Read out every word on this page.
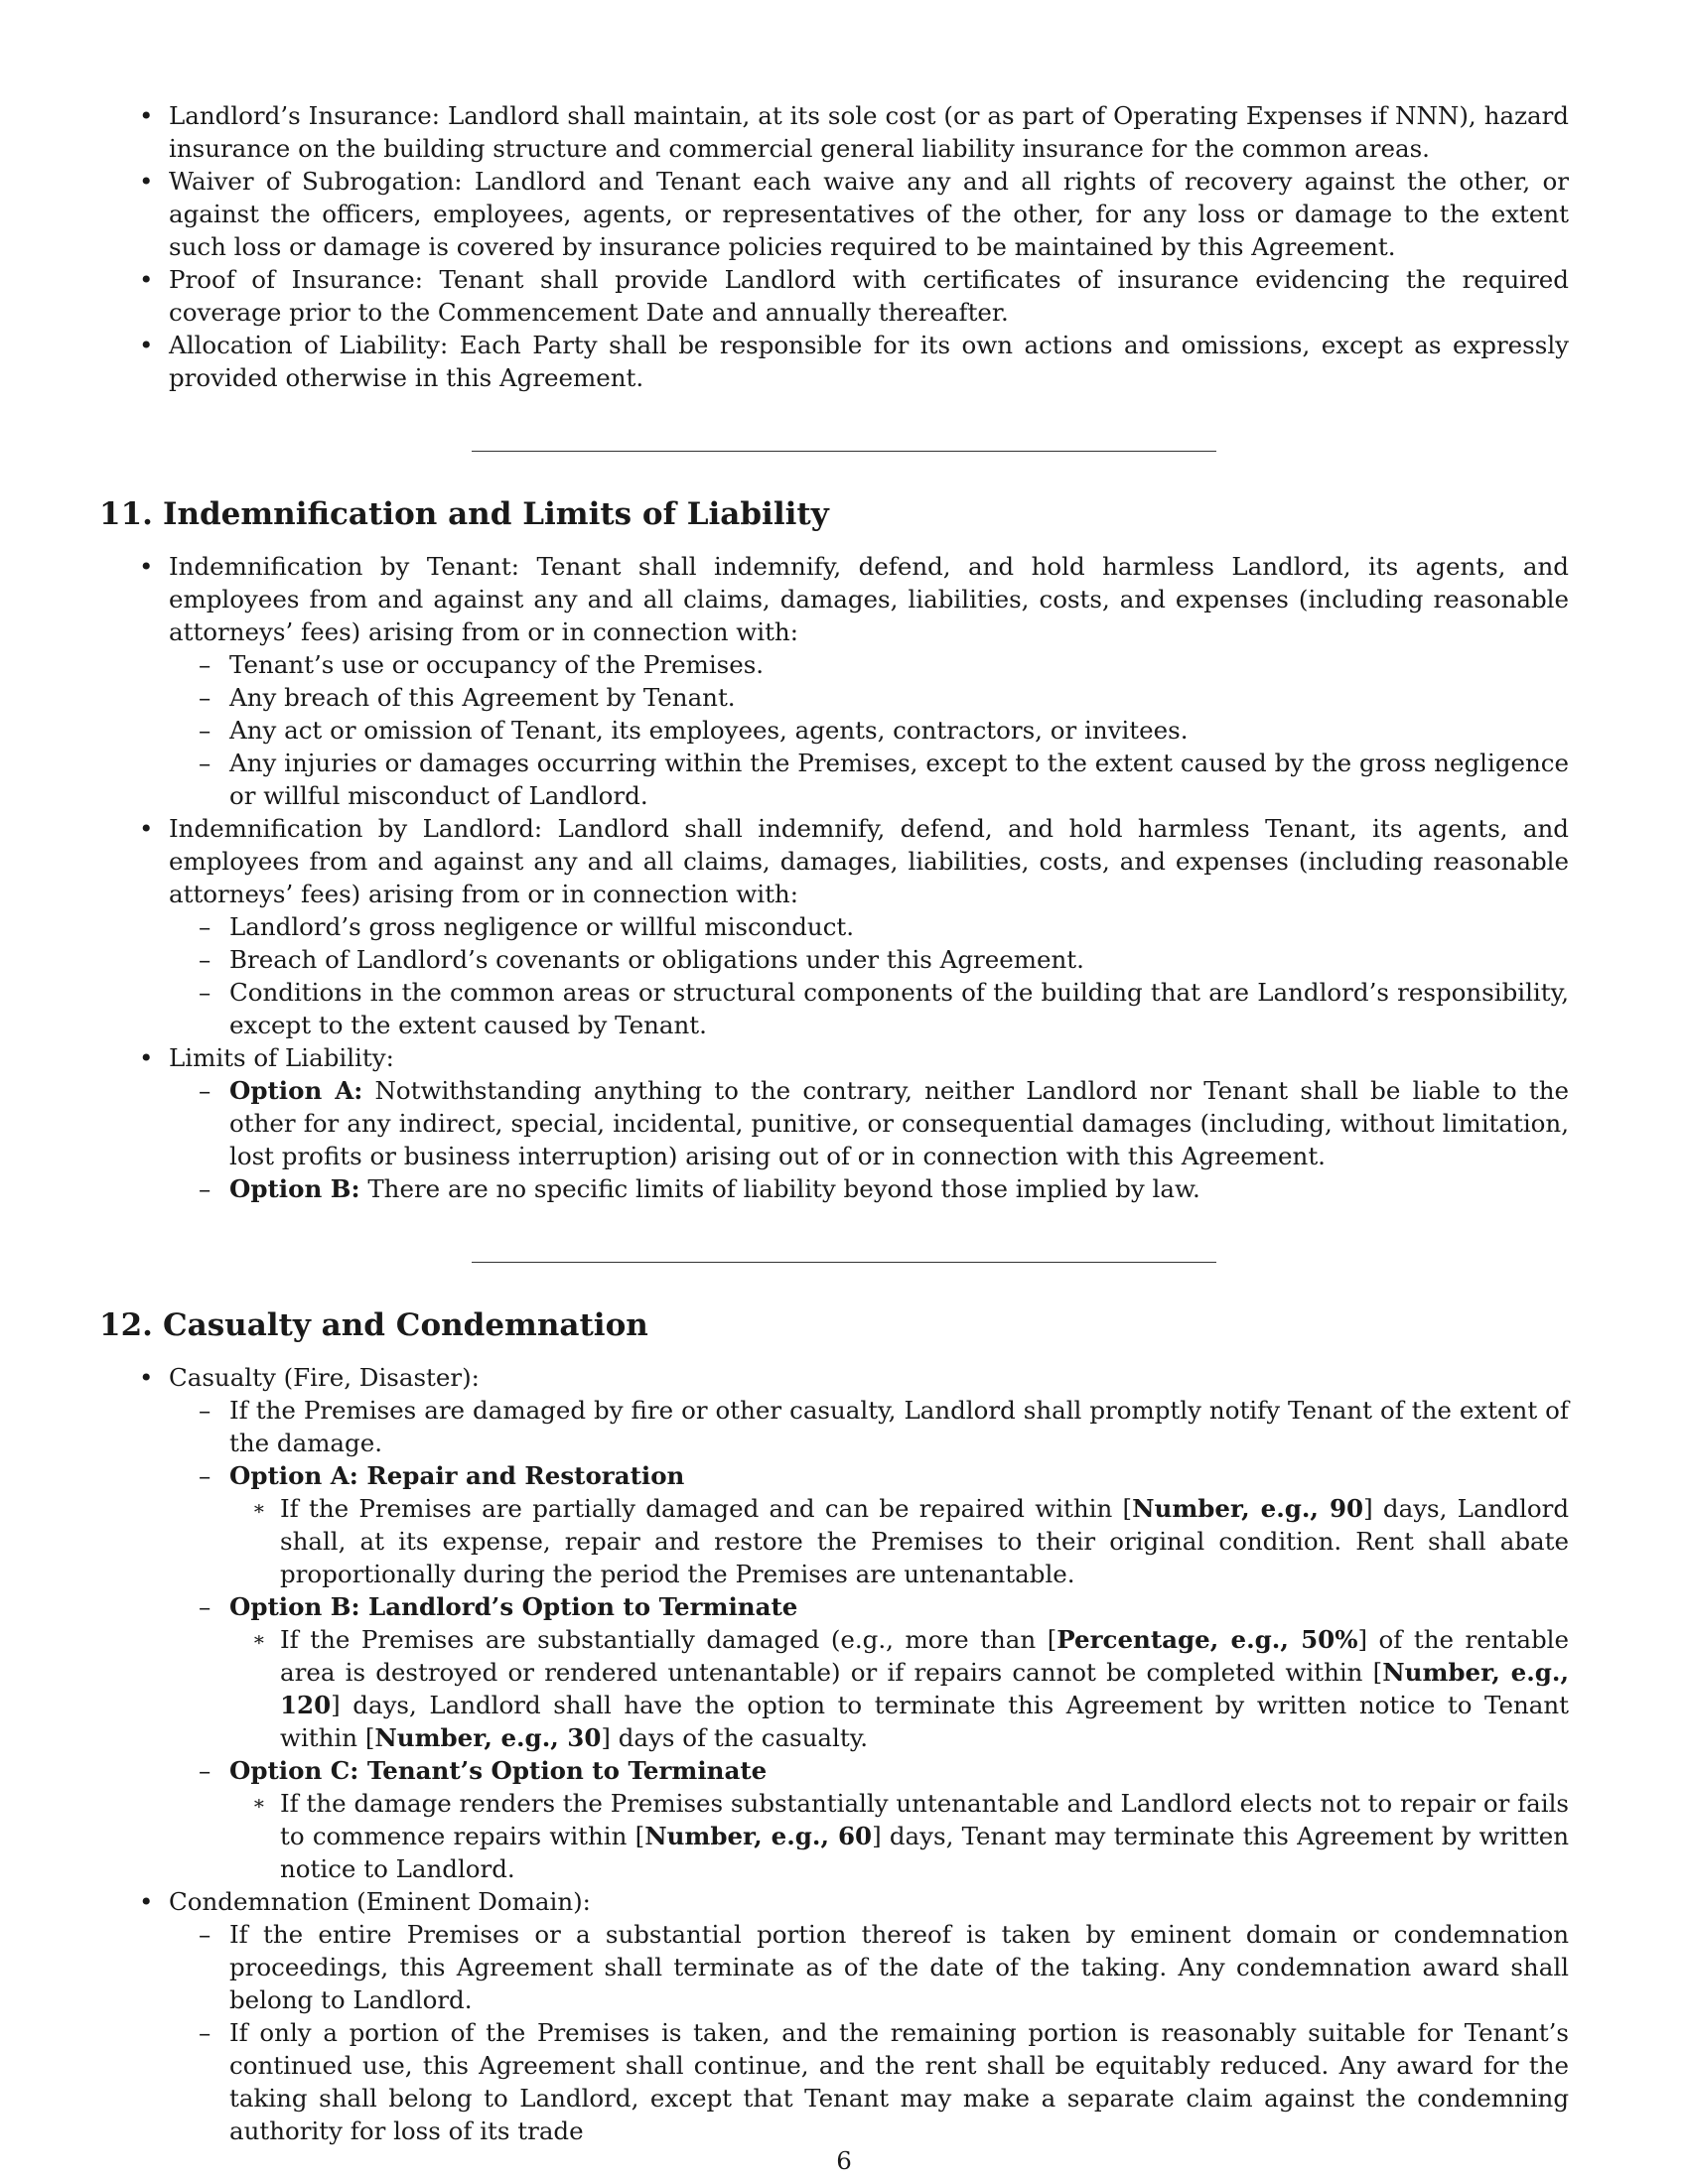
• Landlord’s Insurance: Landlord shall maintain, at its sole cost (or as part of Operating Expenses if NNN), hazard insurance on the building structure and commercial general liability insurance for the common areas.
• Waiver of Subrogation: Landlord and Tenant each waive any and all rights of recovery against the other, or against the officers, employees, agents, or representatives of the other, for any loss or damage to the extent such loss or damage is covered by insurance policies required to be maintained by this Agreement.
• Proof of Insurance: Tenant shall provide Landlord with certificates of insurance evidencing the required coverage prior to the Commencement Date and annually thereafter.
• Allocation of Liability: Each Party shall be responsible for its own actions and omissions, except as expressly provided otherwise in this Agreement.
11. Indemnification and Limits of Liability
• Indemnification by Tenant: Tenant shall indemnify, defend, and hold harmless Landlord, its agents, and employees from and against any and all claims, damages, liabilities, costs, and expenses (including reasonable attorneys’ fees) arising from or in connection with:
– Tenant’s use or occupancy of the Premises.
– Any breach of this Agreement by Tenant.
– Any act or omission of Tenant, its employees, agents, contractors, or invitees.
– Any injuries or damages occurring within the Premises, except to the extent caused by the gross negligence or willful misconduct of Landlord.
• Indemnification by Landlord: Landlord shall indemnify, defend, and hold harmless Tenant, its agents, and employees from and against any and all claims, damages, liabilities, costs, and expenses (including reasonable attorneys’ fees) arising from or in connection with:
– Landlord’s gross negligence or willful misconduct.
– Breach of Landlord’s covenants or obligations under this Agreement.
– Conditions in the common areas or structural components of the building that are Landlord’s responsibility, except to the extent caused by Tenant.
• Limits of Liability:
– Option A: Notwithstanding anything to the contrary, neither Landlord nor Tenant shall be liable to the other for any indirect, special, incidental, punitive, or consequential damages (including, without limitation, lost profits or business interruption) arising out of or in connection with this Agreement.
– Option B: There are no specific limits of liability beyond those implied by law.
12. Casualty and Condemnation
• Casualty (Fire, Disaster):
– If the Premises are damaged by fire or other casualty, Landlord shall promptly notify Tenant of the extent of the damage.
– Option A: Repair and Restoration
∗ If the Premises are partially damaged and can be repaired within [Number, e.g., 90] days, Landlord shall, at its expense, repair and restore the Premises to their original condition. Rent shall abate proportionally during the period the Premises are untenantable.
– Option B: Landlord’s Option to Terminate
∗ If the Premises are substantially damaged (e.g., more than [Percentage, e.g., 50%] of the rentable area is destroyed or rendered untenantable) or if repairs cannot be completed within [Number, e.g., 120] days, Landlord shall have the option to terminate this Agreement by written notice to Tenant within [Number, e.g., 30] days of the casualty.
– Option C: Tenant’s Option to Terminate
∗ If the damage renders the Premises substantially untenantable and Landlord elects not to repair or fails to commence repairs within [Number, e.g., 60] days, Tenant may terminate this Agreement by written notice to Landlord.
• Condemnation (Eminent Domain):
– If the entire Premises or a substantial portion thereof is taken by eminent domain or condemnation proceedings, this Agreement shall terminate as of the date of the taking. Any condemnation award shall belong to Landlord.
– If only a portion of the Premises is taken, and the remaining portion is reasonably suitable for Tenant’s continued use, this Agreement shall continue, and the rent shall be equitably reduced. Any award for the taking shall belong to Landlord, except that Tenant may make a separate claim against the condemning authority for loss of its trade
6
